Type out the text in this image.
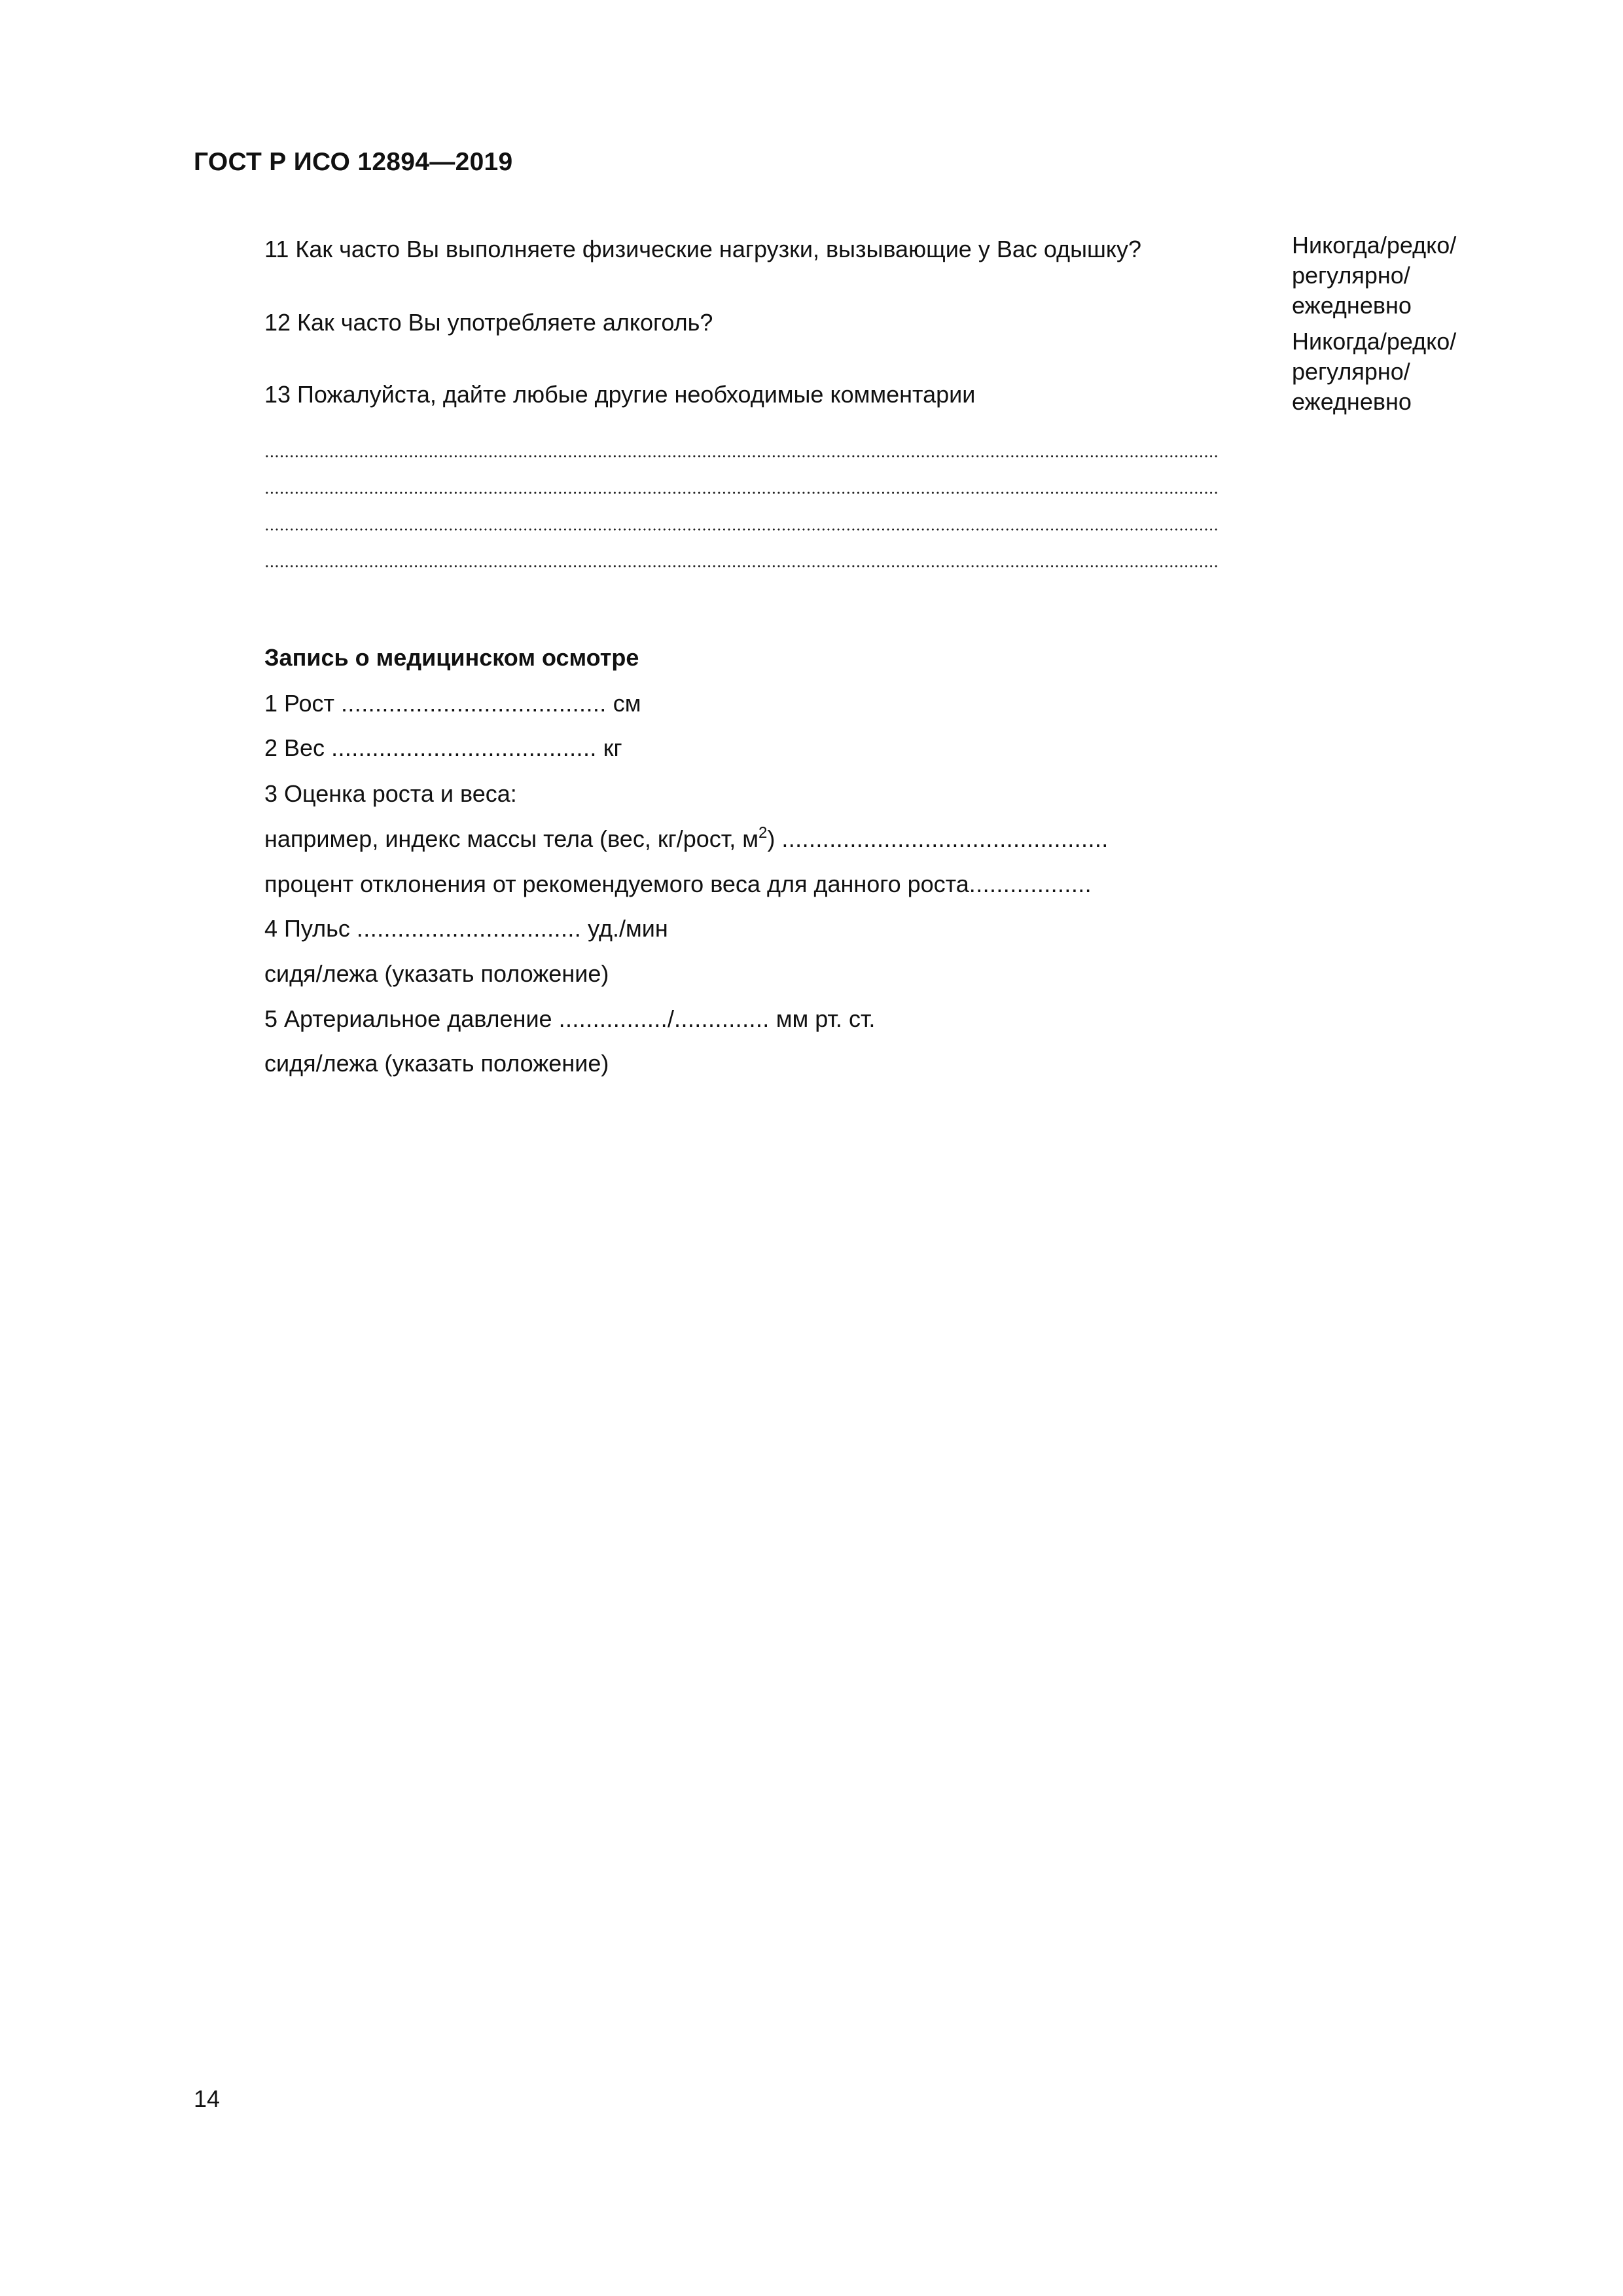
ГОСТ Р ИСО 12894—2019
11 Как часто Вы выполняете физические нагрузки, вызывающие у Вас одышку?
12 Как часто Вы употребляете алкоголь?
13 Пожалуйста, дайте любые другие необходимые комментарии
Никогда/редко/
регулярно/
ежедневно
Никогда/редко/
регулярно/
ежедневно
Запись о медицинском осмотре
1 Рост ....................................... см
2 Вес ....................................... кг
3 Оценка роста и веса:
например, индекс массы тела (вес, кг/рост, $м^2$) ................................................
процент отклонения от рекомендуемого веса для данного роста..................
4 Пульс ................................. уд./мин
сидя/лежа (указать положение)
5 Артериальное давление ................/.............. мм рт. ст.
сидя/лежа (указать положение)
14
